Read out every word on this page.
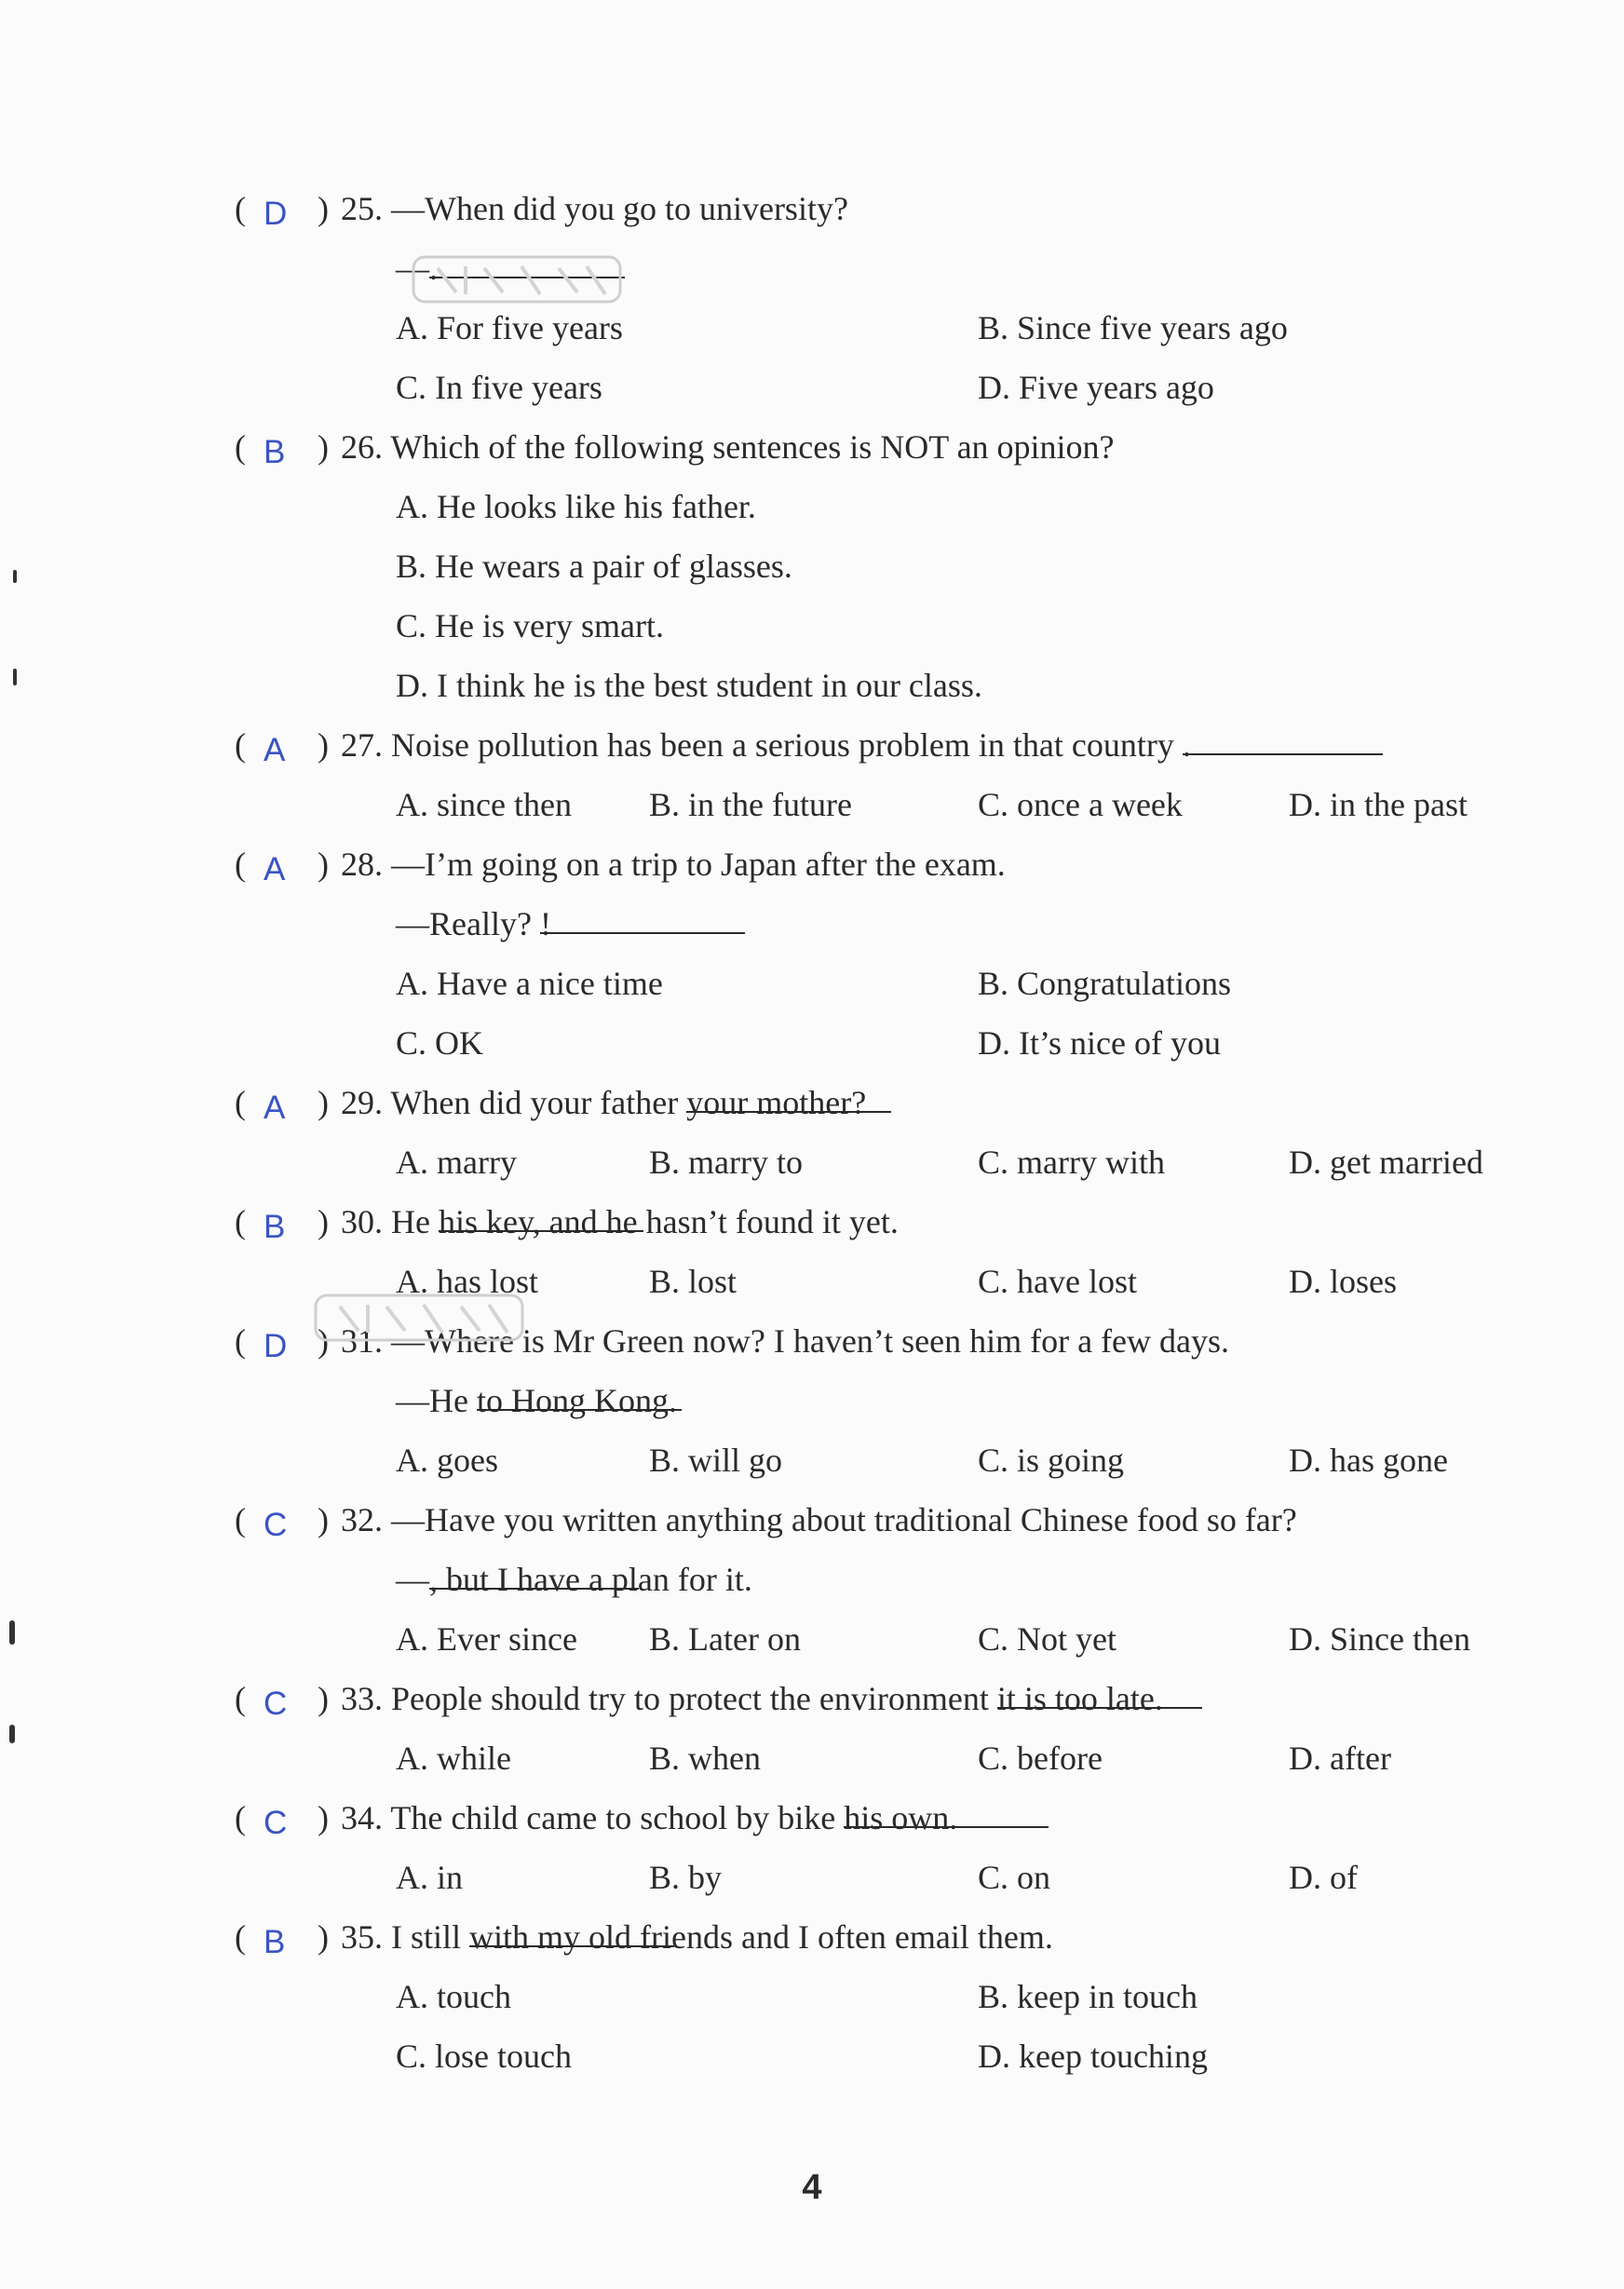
( D ) 25. —When did you go to university?
—
.
A. For five years	B. Since five years ago
C. In five years	D. Five years ago
( B ) 26. Which of the following sentences is NOT an opinion?
A. He looks like his father.
B. He wears a pair of glasses.
C. He is very smart.
D. I think he is the best student in our class.
( A ) 27. Noise pollution has been a serious problem in that country .
A. since then B. in the future	C. once a week	D. in the past
( A ) 28. —I’m going on a trip to Japan after the exam.
—Really? !
A. Have a nice time	B. Congratulations
C. OK	D. It’s nice of you
( A ) 29. When did your father your mother?
A. marry	B. marry to	C. marry with	D. get married
( B ) 30. He his key, and he hasn’t found it yet.
A. has lost	B. lost	C. have lost	D. loses
( D ) 31. —Where is Mr Green now? I haven’t seen him for a few days.
—He to Hong Kong.
A. goes	B. will go	C. is going	D. has gone
( C ) 32. —Have you written anything about traditional Chinese food so far?
—
, but I have a plan for it.
A. Ever since B. Later on	C. Not yet	D. Since then
( C ) 33. People should try to protect the environment it is too late.
A. while	B. when	C. before	D. after
( C ) 34. The child came to school by bike his own.
A. in	B. by	C. on	D. of
( B ) 35. I still with my old friends and I often email them.
A. touch	B. keep in touch
C. lose touch	D. keep touching
4
